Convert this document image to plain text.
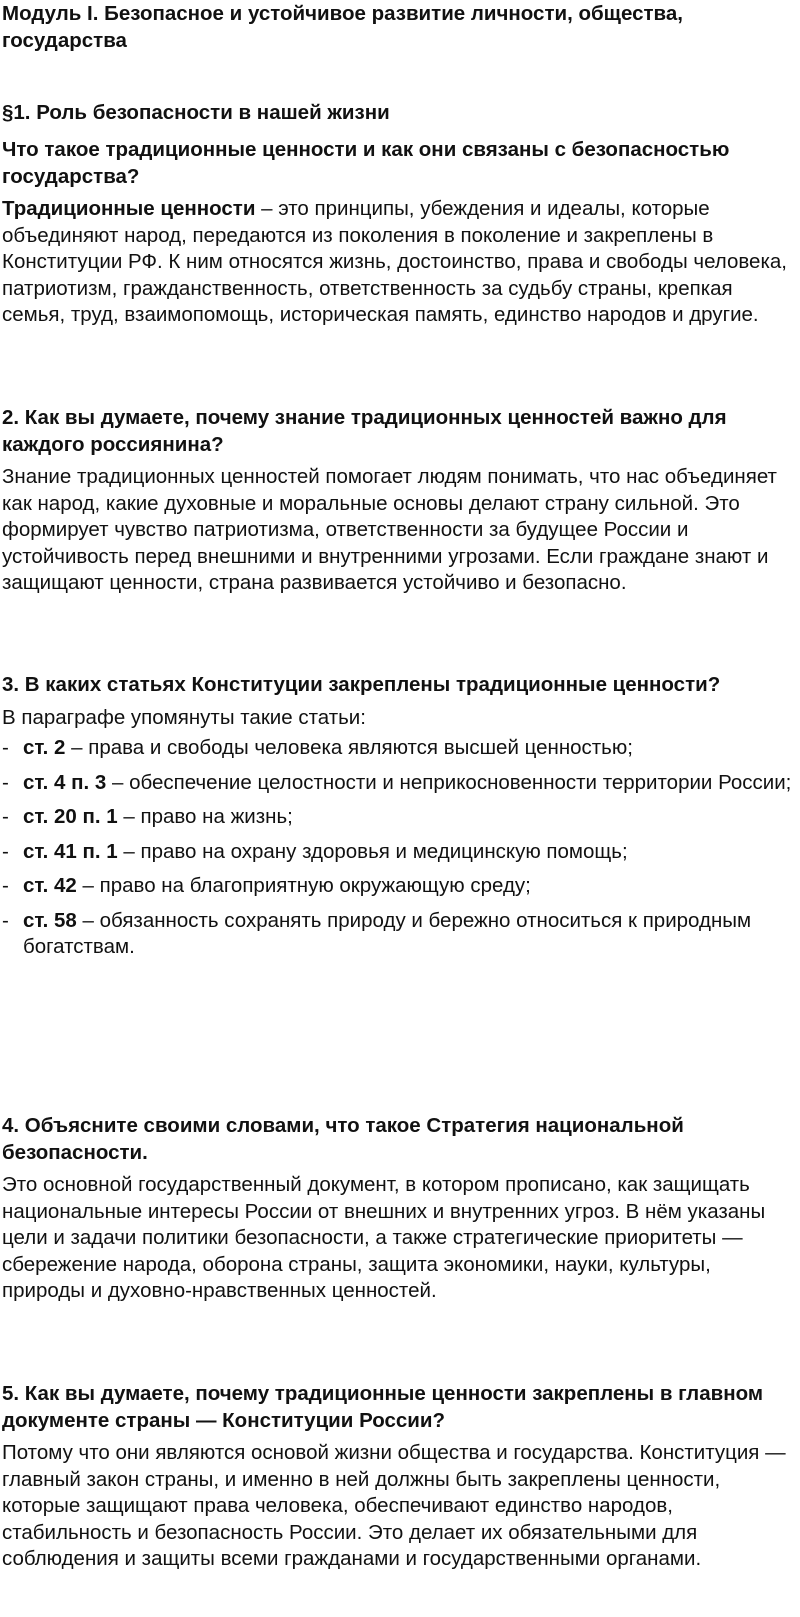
Модуль I. Безопасное и устойчивое развитие личности, общества, государства
§1. Роль безопасности в нашей жизни
Что такое традиционные ценности и как они связаны с безопасностью государства?

Традиционные ценности – это принципы, убеждения и идеалы, которые объединяют народ, передаются из поколения в поколение и закреплены в Конституции РФ. К ним относятся жизнь, достоинство, права и свободы человека, патриотизм, гражданственность, ответственность за судьбу страны, крепкая семья, труд, взаимопомощь, историческая память, единство народов и другие.

2. Как вы думаете, почему знание традиционных ценностей важно для каждого россиянина?

Знание традиционных ценностей помогает людям понимать, что нас объединяет как народ, какие духовные и моральные основы делают страну сильной. Это формирует чувство патриотизма, ответственности за будущее России и устойчивость перед внешними и внутренними угрозами. Если граждане знают и защищают ценности, страна развивается устойчиво и безопасно.

3. В каких статьях Конституции закреплены традиционные ценности?

В параграфе упомянуты такие статьи:

- ст. 2 – права и свободы человека являются высшей ценностью;
- ст. 4 п. 3 – обеспечение целостности и неприкосновенности территории России;
- ст. 20 п. 1 – право на жизнь;
- ст. 41 п. 1 – право на охрану здоровья и медицинскую помощь;
- ст. 42 – право на благоприятную окружающую среду;
- ст. 58 – обязанность сохранять природу и бережно относиться к природным богатствам.
4. Объясните своими словами, что такое Стратегия национальной безопасности.

Это основной государственный документ, в котором прописано, как защищать национальные интересы России от внешних и внутренних угроз. В нём указаны цели и задачи политики безопасности, а также стратегические приоритеты — сбережение народа, оборона страны, защита экономики, науки, культуры, природы и духовно-нравственных ценностей.

5. Как вы думаете, почему традиционные ценности закреплены в главном документе страны — Конституции России?

Потому что они являются основой жизни общества и государства. Конституция — главный закон страны, и именно в ней должны быть закреплены ценности, которые защищают права человека, обеспечивают единство народов, стабильность и безопасность России. Это делает их обязательными для соблюдения и защиты всеми гражданами и государственными органами.
